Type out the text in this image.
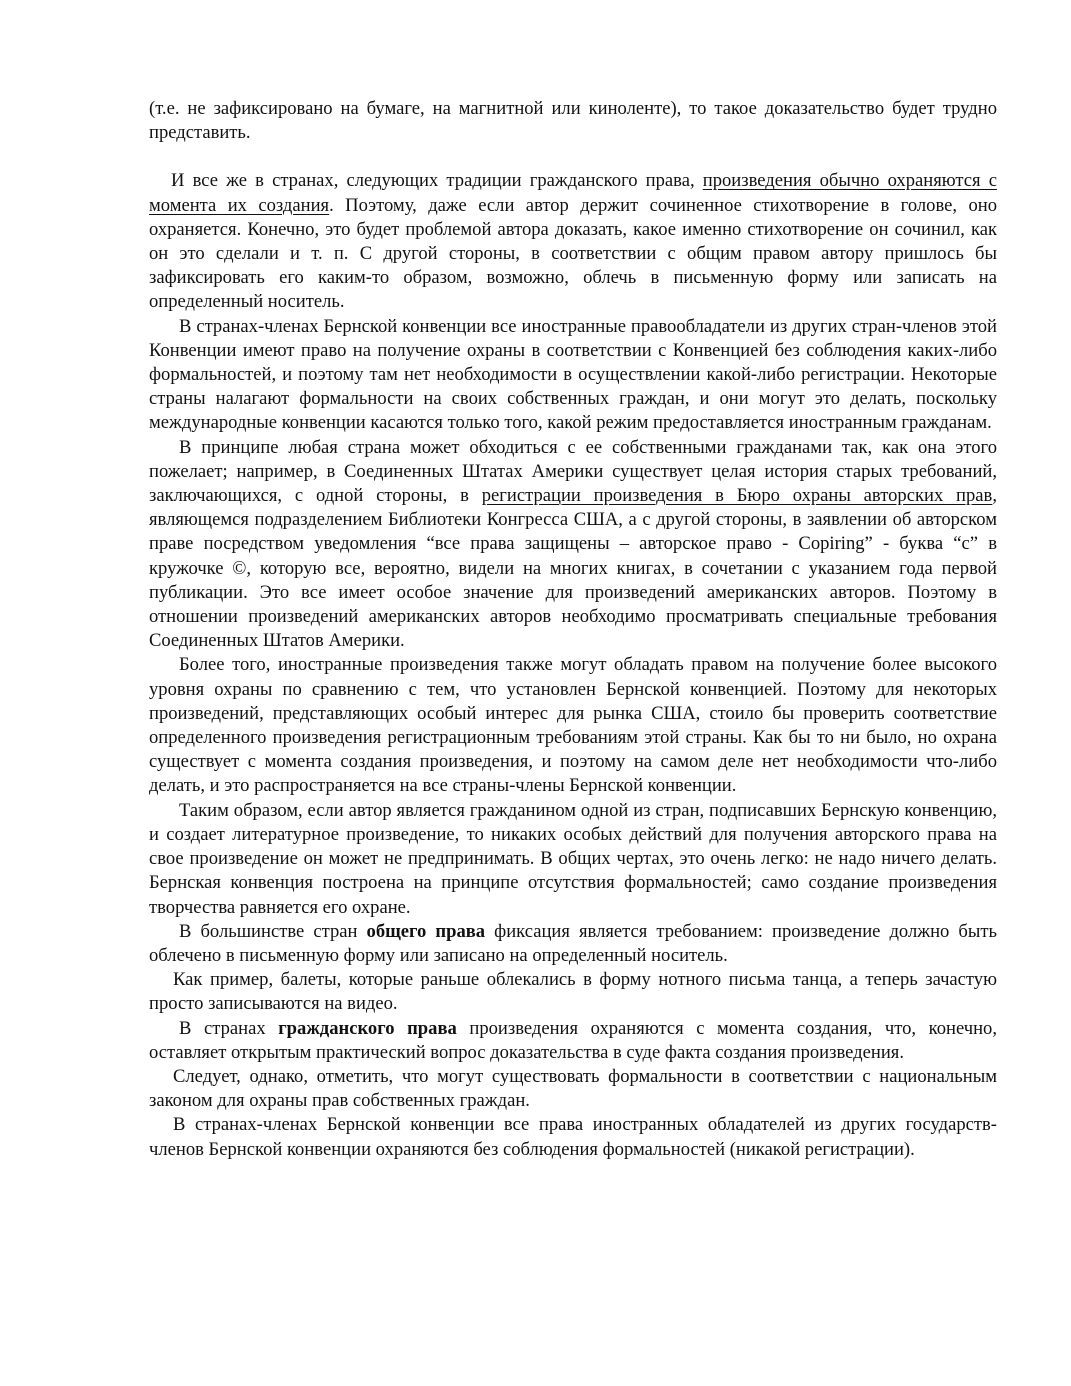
(т.е. не зафиксировано на бумаге, на магнитной или киноленте), то такое доказательство будет трудно представить.

И все же в странах, следующих традиции гражданского права, произведения обычно охраняются с момента их создания. Поэтому, даже если автор держит сочиненное стихотворение в голове, оно охраняется. Конечно, это будет проблемой автора доказать, какое именно стихотворение он сочинил, как он это сделали и т. п. С другой стороны, в соответствии с общим правом автору пришлось бы зафиксировать его каким-то образом, возможно, облечь в письменную форму или записать на определенный носитель.

В странах-членах Бернской конвенции все иностранные правообладатели из других стран-членов этой Конвенции имеют право на получение охраны в соответствии с Конвенцией без соблюдения каких-либо формальностей, и поэтому там нет необходимости в осуществлении какой-либо регистрации. Некоторые страны налагают формальности на своих собственных граждан, и они могут это делать, поскольку международные конвенции касаются только того, какой режим предоставляется иностранным гражданам.

В принципе любая страна может обходиться с ее собственными гражданами так, как она этого пожелает; например, в Соединенных Штатах Америки существует целая история старых требований, заключающихся, с одной стороны, в регистрации произведения в Бюро охраны авторских прав, являющемся подразделением Библиотеки Конгресса США, а с другой стороны, в заявлении об авторском праве посредством уведомления “все права защищены – авторское право - Copiring” - буква “с” в кружочке ©, которую все, вероятно, видели на многих книгах, в сочетании с указанием года первой публикации. Это все имеет особое значение для произведений американских авторов. Поэтому в отношении произведений американских авторов необходимо просматривать специальные требования Соединенных Штатов Америки.

Более того, иностранные произведения также могут обладать правом на получение более высокого уровня охраны по сравнению с тем, что установлен Бернской конвенцией. Поэтому для некоторых произведений, представляющих особый интерес для рынка США, стоило бы проверить соответствие определенного произведения регистрационным требованиям этой страны. Как бы то ни было, но охрана существует с момента создания произведения, и поэтому на самом деле нет необходимости что-либо делать, и это распространяется на все страны-члены Бернской конвенции.

Таким образом, если автор является гражданином одной из стран, подписавших Бернскую конвенцию, и создает литературное произведение, то никаких особых действий для получения авторского права на свое произведение он может не предпринимать. В общих чертах, это очень легко: не надо ничего делать. Бернская конвенция построена на принципе отсутствия формальностей; само создание произведения творчества равняется его охране.

В большинстве стран общего права фиксация является требованием: произведение должно быть облечено в письменную форму или записано на определенный носитель.

Как пример, балеты, которые раньше облекались в форму нотного письма танца, а теперь зачастую просто записываются на видео.

В странах гражданского права произведения охраняются с момента создания, что, конечно, оставляет открытым практический вопрос доказательства в суде факта создания произведения.

Следует, однако, отметить, что могут существовать формальности в соответствии с национальным законом для охраны прав собственных граждан.

В странах-членах Бернской конвенции все права иностранных обладателей из других государств-членов Бернской конвенции охраняются без соблюдения формальностей (никакой регистрации).
